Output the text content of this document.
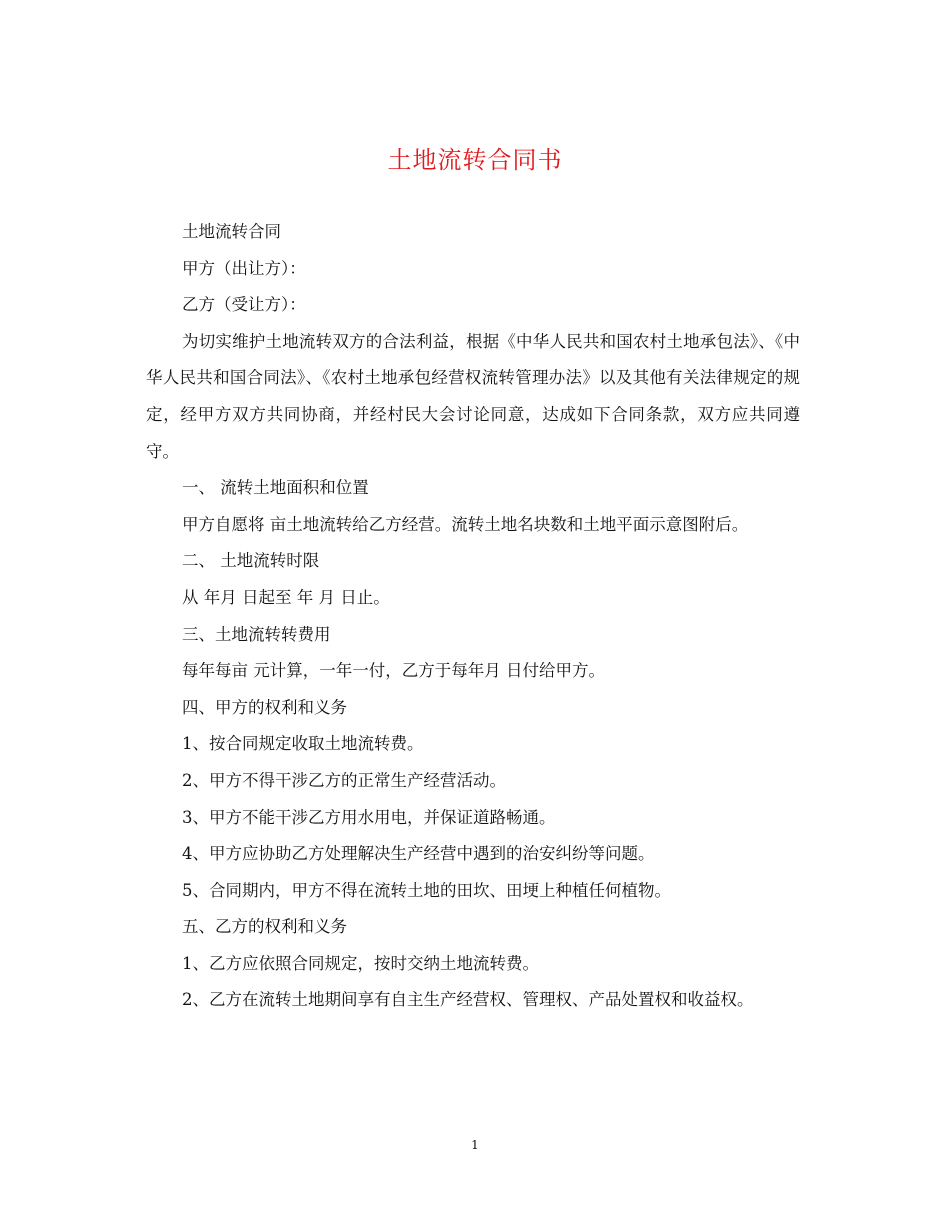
土地流转合同书

土地流转合同

甲方（出让方）：

乙方（受让方）：

为切实维护土地流转双方的合法利益，根据《中华人民共和国农村土地承包法》、《中华人民共和国合同法》、《农村土地承包经营权流转管理办法》以及其他有关法律规定的规定，经甲方双方共同协商，并经村民大会讨论同意，达成如下合同条款，双方应共同遵守。

一、 流转土地面积和位置

甲方自愿将 亩土地流转给乙方经营。流转土地名块数和土地平面示意图附后。

二、 土地流转时限

从 年月 日起至 年 月 日止。

三、土地流转转费用

每年每亩 元计算，一年一付，乙方于每年月 日付给甲方。

四、甲方的权利和义务

1、按合同规定收取土地流转费。

2、甲方不得干涉乙方的正常生产经营活动。

3、甲方不能干涉乙方用水用电，并保证道路畅通。

4、甲方应协助乙方处理解决生产经营中遇到的治安纠纷等问题。

5、合同期内，甲方不得在流转土地的田坎、田埂上种植任何植物。

五、乙方的权利和义务

1、乙方应依照合同规定，按时交纳土地流转费。

2、乙方在流转土地期间享有自主生产经营权、管理权、产品处置权和收益权。

1
